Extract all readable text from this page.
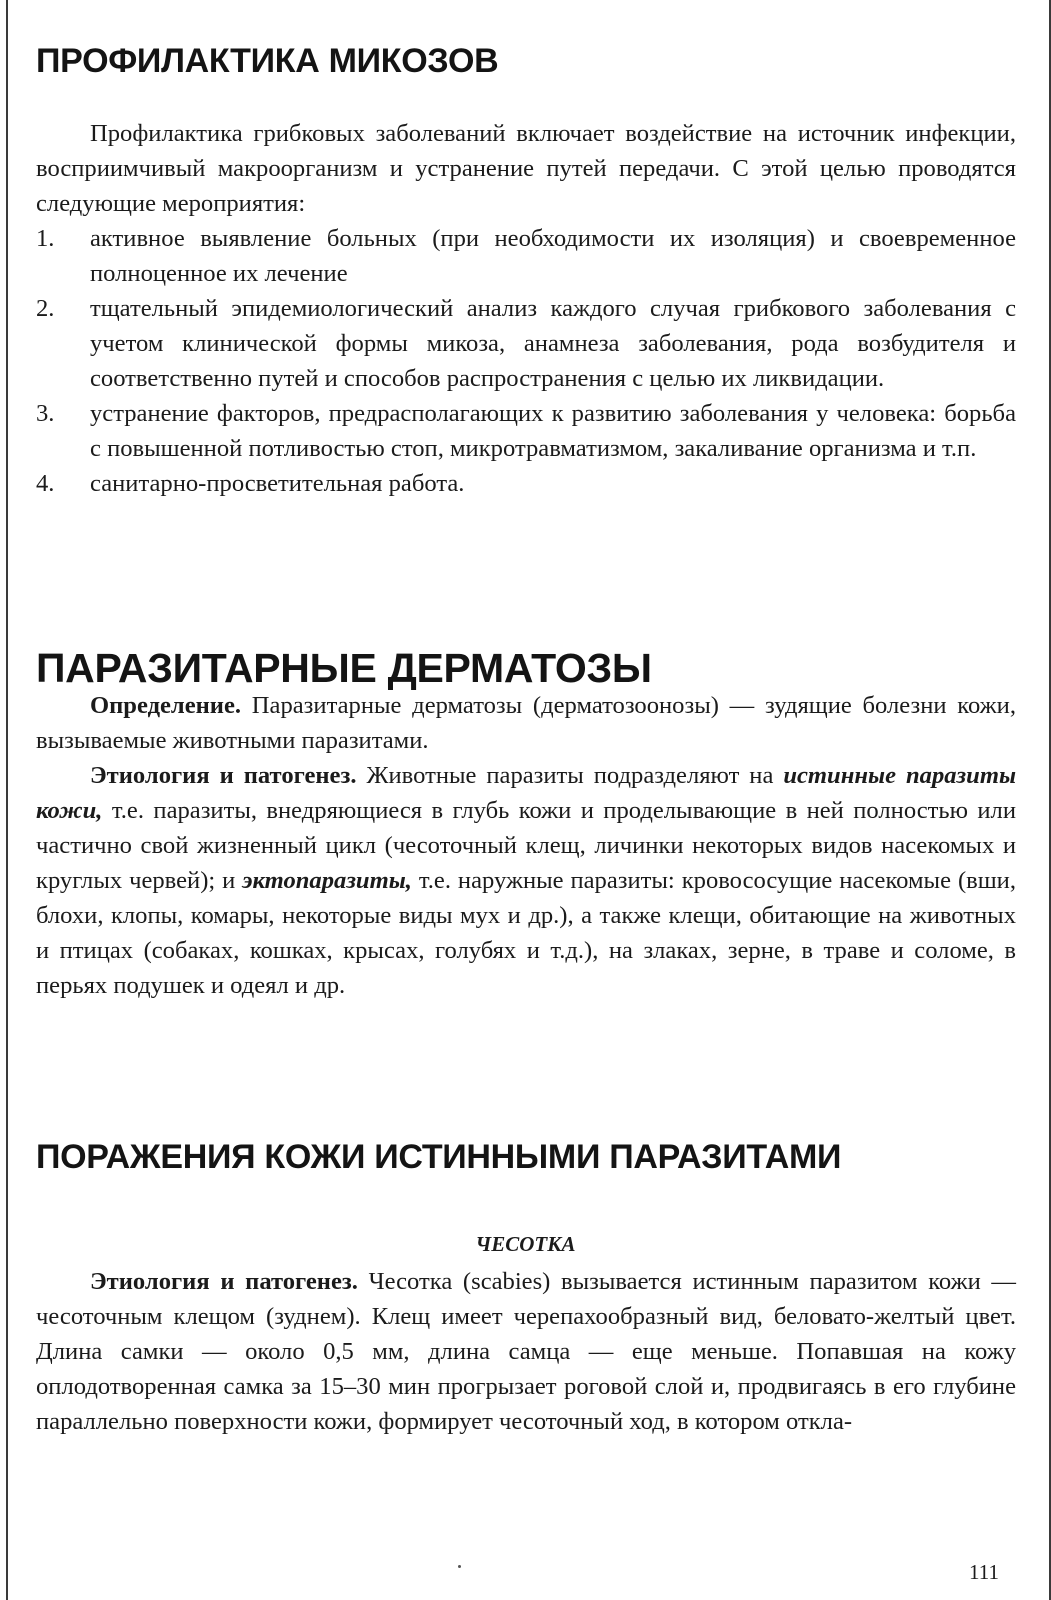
ПРОФИЛАКТИКА МИКОЗОВ

Профилактика грибковых заболеваний включает воздействие на источник инфекции, восприимчивый макроорганизм и устранение путей передачи. С этой целью проводятся следующие мероприятия:

1.	активное выявление больных (при необходимости их изоляция) и своевременное полноценное их лечение
2.	тщательный эпидемиологический анализ каждого случая грибкового заболевания с учетом клинической формы микоза, анамнеза заболевания, рода возбудителя и соответственно путей и способов распространения с целью их ликвидации.
3.	устранение факторов, предрасполагающих к развитию заболевания у человека: борьба с повышенной потливостью стоп, микротравматизмом, закаливание организма и т.п.
4.	санитарно-просветительная работа.
ПАРАЗИТАРНЫЕ ДЕРМАТОЗЫ

Определение. Паразитарные дерматозы (дерматозоонозы) — зудящие болезни кожи, вызываемые животными паразитами.

Этиология и патогенез. Животные паразиты подразделяют на истинные паразиты кожи, т.е. паразиты, внедряющиеся в глубь кожи и проделывающие в ней полностью или частично свой жизненный цикл (чесоточный клещ, личинки некоторых видов насекомых и круглых червей); и эктопаразиты, т.е. наружные паразиты: кровососущие насекомые (вши, блохи, клопы, комары, некоторые виды мух и др.), а также клещи, обитающие на животных и птицах (собаках, кошках, крысах, голубях и т.д.), на злаках, зерне, в траве и соломе, в перьях подушек и одеял и др.

ПОРАЖЕНИЯ КОЖИ ИСТИННЫМИ ПАРАЗИТАМИ
ЧЕСОТКА

Этиология и патогенез. Чесотка (scabies) вызывается истинным паразитом кожи — чесоточным клещом (зуднем). Клещ имеет черепахообразный вид, беловато-желтый цвет. Длина самки — около 0,5 мм, длина самца — еще меньше. Попавшая на кожу оплодотворенная самка за 15–30 мин прогрызает роговой слой и, продвигаясь в его глубине параллельно поверхности кожи, формирует чесоточный ход, в котором откла-

111
